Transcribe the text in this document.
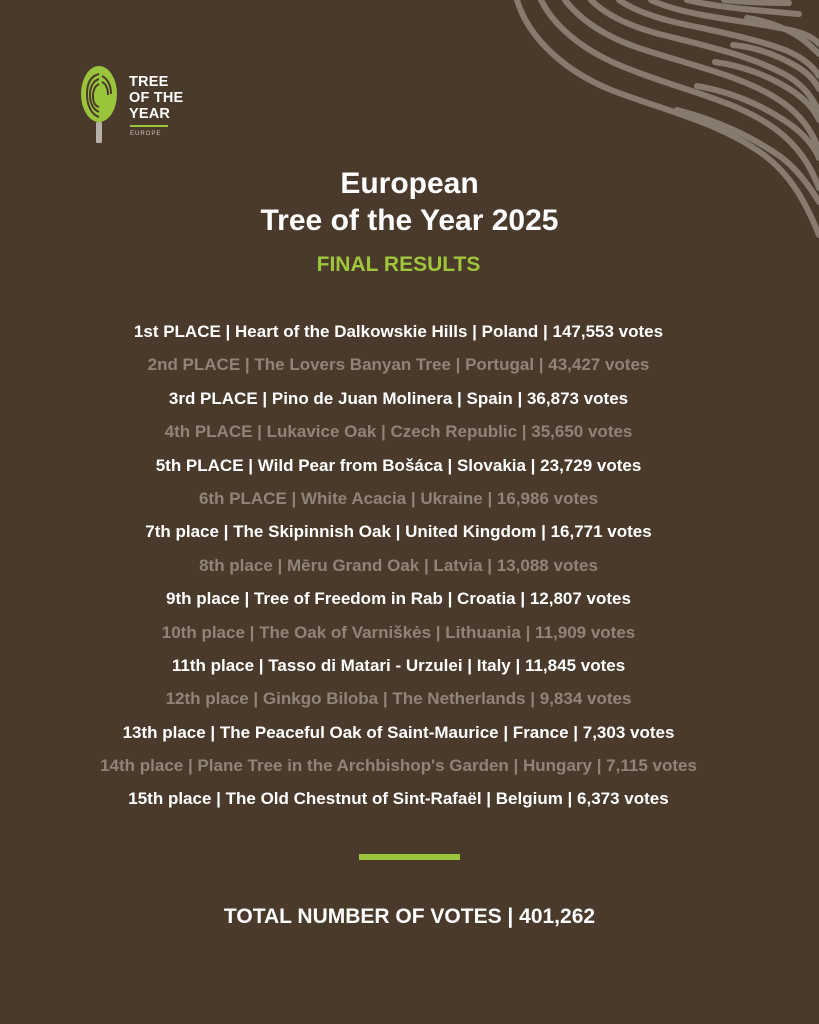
TREE
OF THE
YEAR
EUROPE
European
Tree of the Year 2025
FINAL RESULTS
1st PLACE | Heart of the Dalkowskie Hills | Poland | 147,553 votes
2nd PLACE | The Lovers Banyan Tree | Portugal | 43,427 votes
3rd PLACE | Pino de Juan Molinera | Spain | 36,873 votes
4th PLACE | Lukavice Oak | Czech Republic | 35,650 votes
5th PLACE | Wild Pear from Bošáca | Slovakia | 23,729 votes
6th PLACE | White Acacia | Ukraine | 16,986 votes
7th place | The Skipinnish Oak | United Kingdom | 16,771 votes
8th place | Mēru Grand Oak | Latvia | 13,088 votes
9th place | Tree of Freedom in Rab | Croatia | 12,807 votes
10th place | The Oak of Varniškės | Lithuania | 11,909 votes
11th place | Tasso di Matari - Urzulei | Italy | 11,845 votes
12th place | Ginkgo Biloba | The Netherlands | 9,834 votes
13th place | The Peaceful Oak of Saint-Maurice | France | 7,303 votes
14th place | Plane Tree in the Archbishop's Garden | Hungary | 7,115 votes
15th place | The Old Chestnut of Sint-Rafaël | Belgium | 6,373 votes
TOTAL NUMBER OF VOTES | 401,262
